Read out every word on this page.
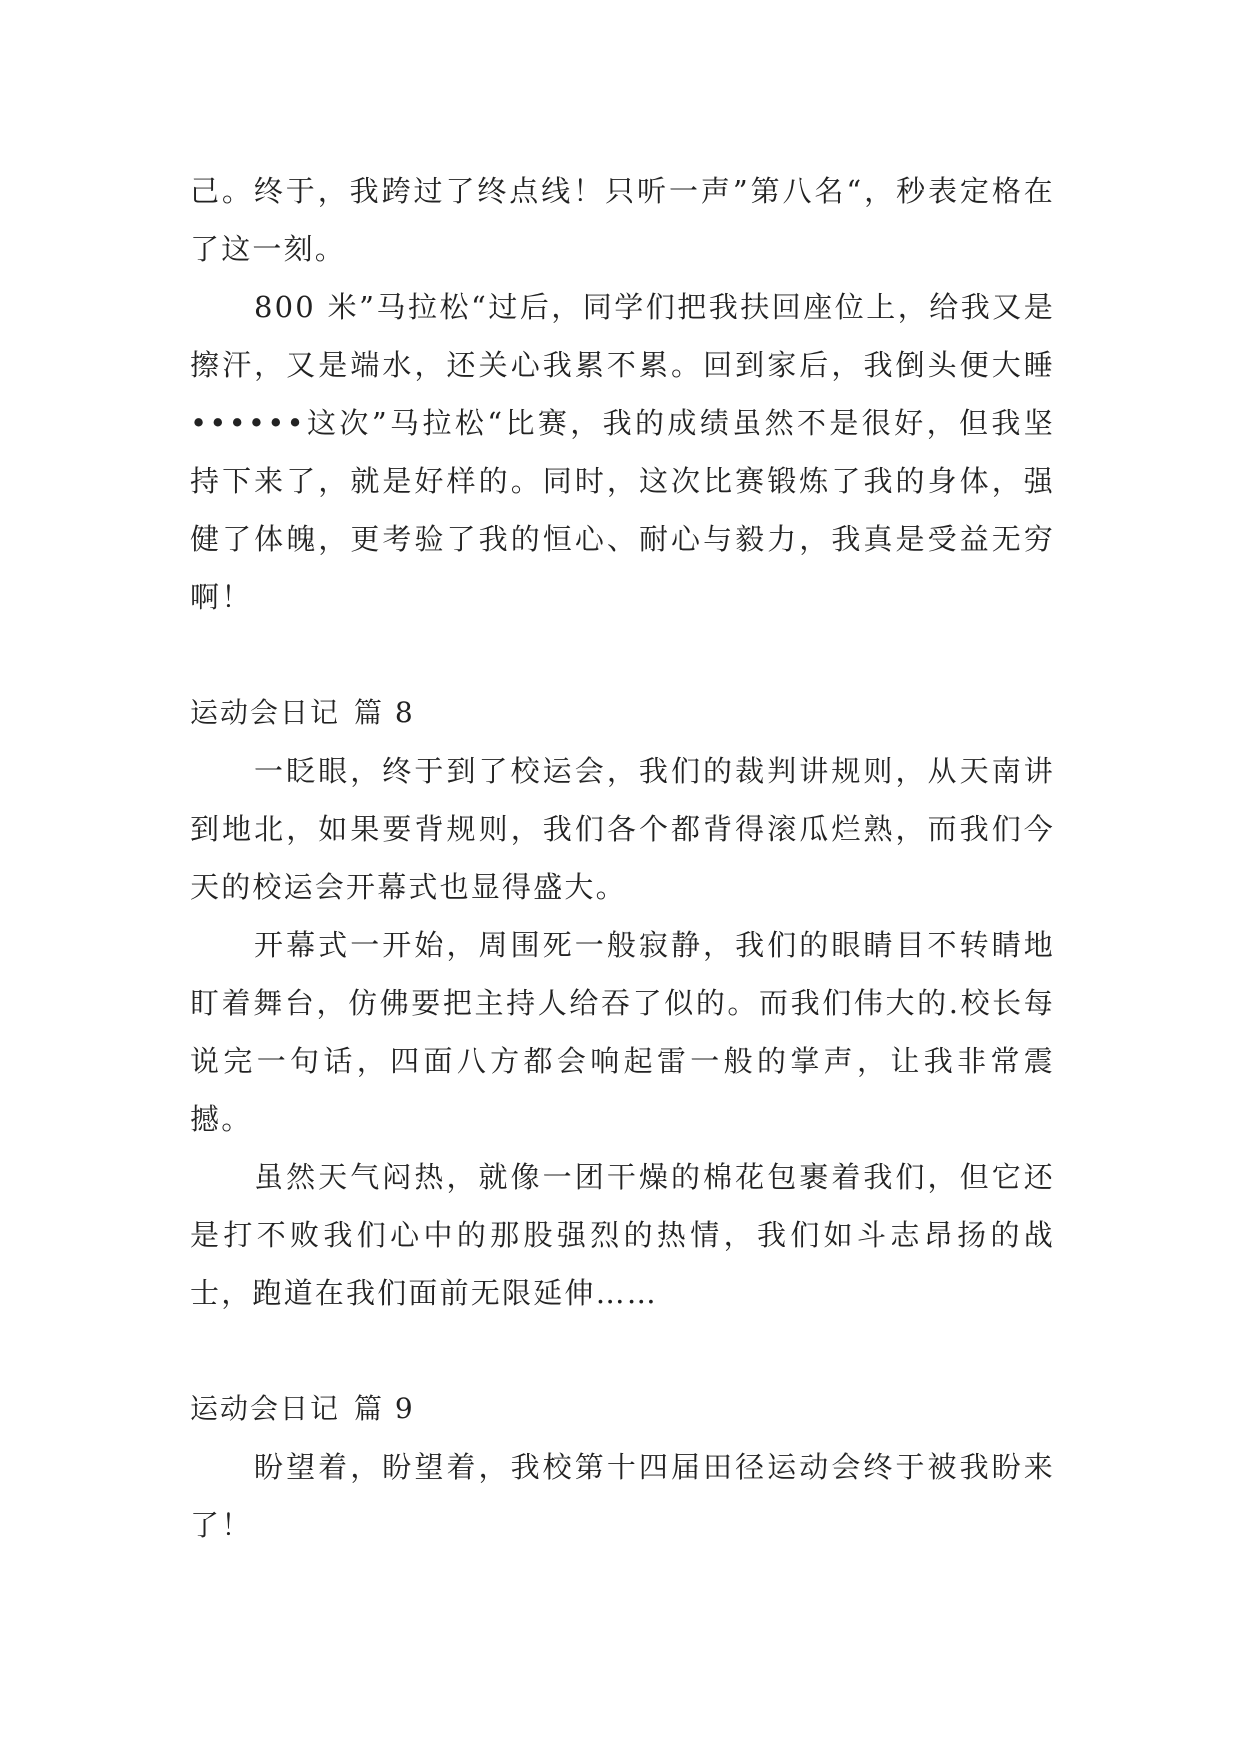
己。终于，我跨过了终点线！只听一声”第八名“，秒表定格在了这一刻。

800 米”马拉松“过后，同学们把我扶回座位上，给我又是擦汗，又是端水，还关心我累不累。回到家后，我倒头便大睡••••••这次”马拉松“比赛，我的成绩虽然不是很好，但我坚持下来了，就是好样的。同时，这次比赛锻炼了我的身体，强健了体魄，更考验了我的恒心、耐心与毅力，我真是受益无穷啊！

运动会日记 篇 8

一眨眼，终于到了校运会，我们的裁判讲规则，从天南讲到地北，如果要背规则，我们各个都背得滚瓜烂熟，而我们今天的校运会开幕式也显得盛大。

开幕式一开始，周围死一般寂静，我们的眼睛目不转睛地盯着舞台，仿佛要把主持人给吞了似的。而我们伟大的.校长每说完一句话，四面八方都会响起雷一般的掌声，让我非常震撼。

虽然天气闷热，就像一团干燥的棉花包裹着我们，但它还是打不败我们心中的那股强烈的热情，我们如斗志昂扬的战士，跑道在我们面前无限延伸……

运动会日记 篇 9

盼望着，盼望着，我校第十四届田径运动会终于被我盼来了！
